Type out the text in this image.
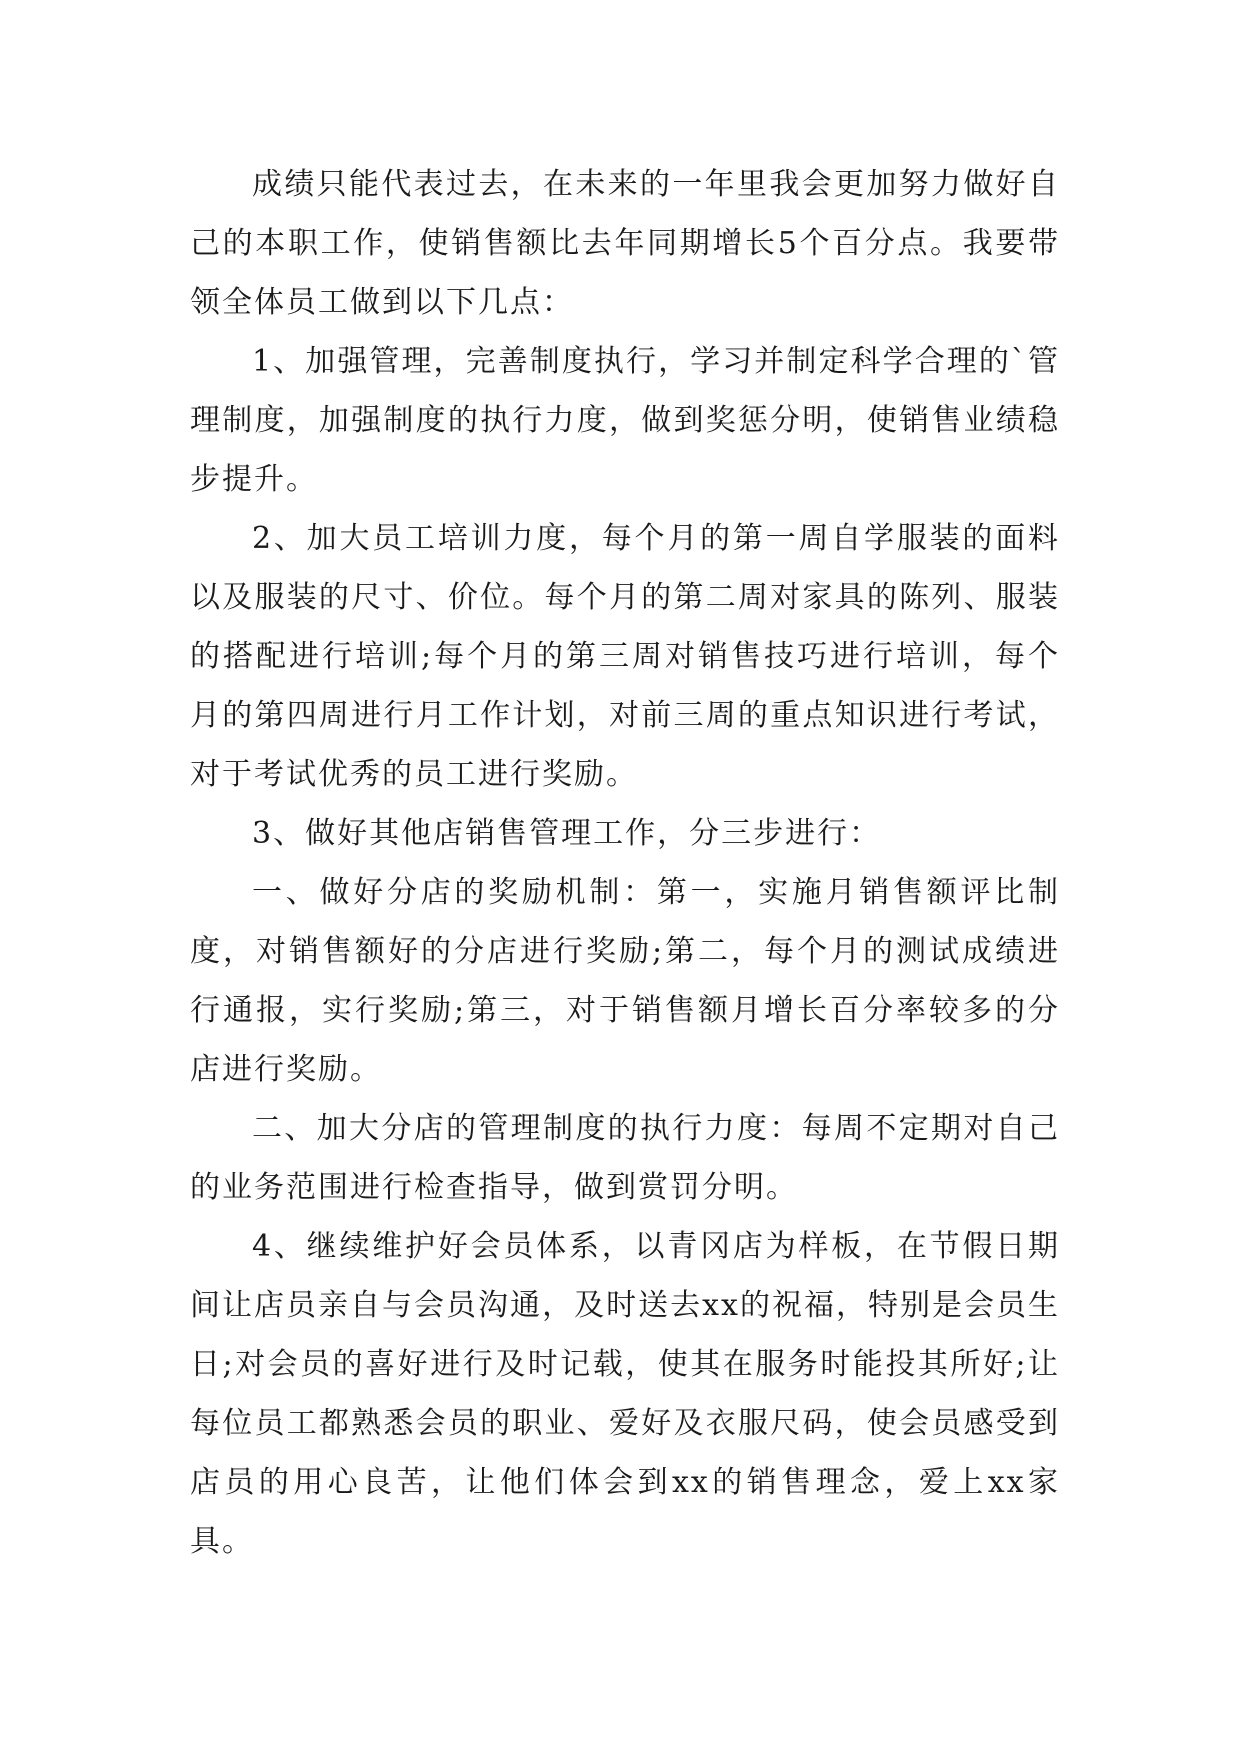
成绩只能代表过去，在未来的一年里我会更加努力做好自己的本职工作，使销售额比去年同期增长5个百分点。我要带领全体员工做到以下几点：

1、加强管理，完善制度执行，学习并制定科学合理的`管理制度，加强制度的执行力度，做到奖惩分明，使销售业绩稳步提升。

2、加大员工培训力度，每个月的第一周自学服装的面料以及服装的尺寸、价位。每个月的第二周对家具的陈列、服装的搭配进行培训;每个月的第三周对销售技巧进行培训，每个月的第四周进行月工作计划，对前三周的重点知识进行考试，对于考试优秀的员工进行奖励。

3、做好其他店销售管理工作，分三步进行：

一、做好分店的奖励机制：第一，实施月销售额评比制度，对销售额好的分店进行奖励;第二，每个月的测试成绩进行通报，实行奖励;第三，对于销售额月增长百分率较多的分店进行奖励。

二、加大分店的管理制度的执行力度：每周不定期对自己的业务范围进行检查指导，做到赏罚分明。

4、继续维护好会员体系，以青冈店为样板，在节假日期间让店员亲自与会员沟通，及时送去xx的祝福，特别是会员生日;对会员的喜好进行及时记载，使其在服务时能投其所好;让每位员工都熟悉会员的职业、爱好及衣服尺码，使会员感受到店员的用心良苦，让他们体会到xx的销售理念，爱上xx家具。
